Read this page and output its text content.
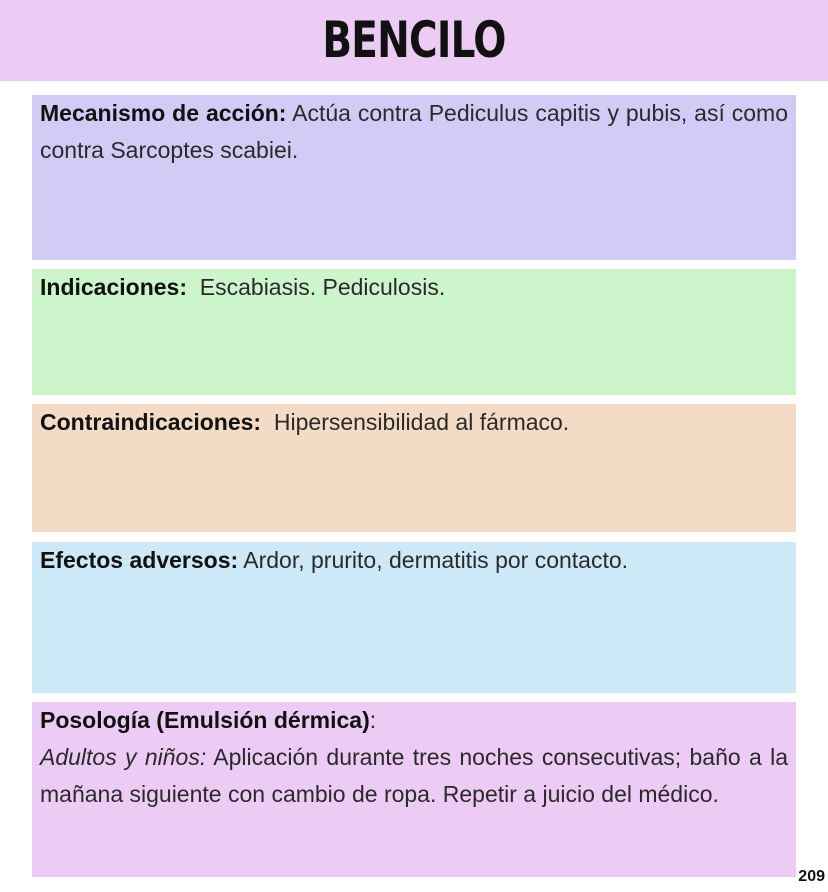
BENCILO

Mecanismo de acción: Actúa contra Pediculus capitis y pubis, así como contra Sarcoptes scabiei.

Indicaciones:  Escabiasis. Pediculosis.

Contraindicaciones:  Hipersensibilidad al fármaco.

Efectos adversos: Ardor, prurito, dermatitis por contacto.

Posología (Emulsión dérmica):

Adultos y niños: Aplicación durante tres noches consecutivas; baño a la mañana siguiente con cambio de ropa. Repetir a juicio del médico.

209
